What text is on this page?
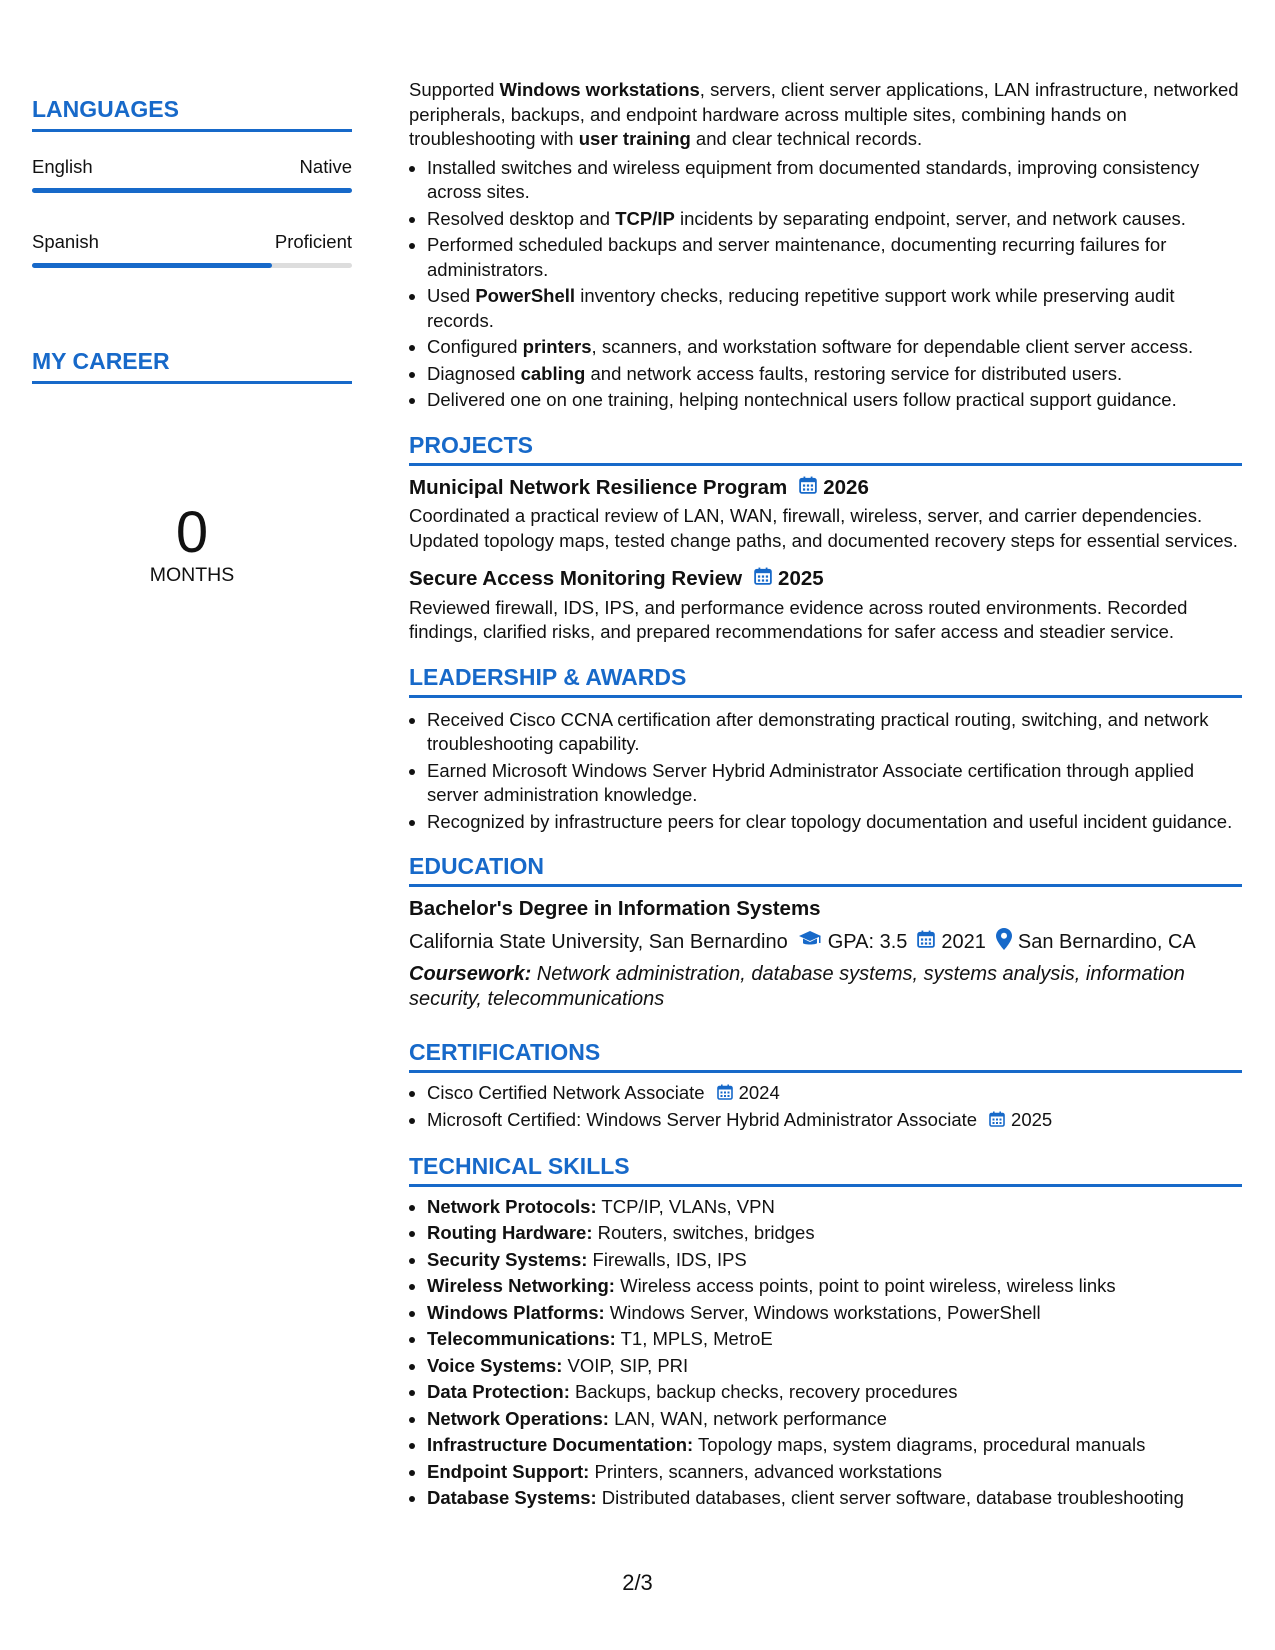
LANGUAGES
English	Native
Spanish	Proficient
MY CAREER
0
MONTHS
Supported Windows workstations, servers, client server applications, LAN infrastructure, networked peripherals, backups, and endpoint hardware across multiple sites, combining hands on troubleshooting with user training and clear technical records.
• Installed switches and wireless equipment from documented standards, improving consistency across sites.
• Resolved desktop and TCP/IP incidents by separating endpoint, server, and network causes.
• Performed scheduled backups and server maintenance, documenting recurring failures for administrators.
• Used PowerShell inventory checks, reducing repetitive support work while preserving audit records.
• Configured printers, scanners, and workstation software for dependable client server access.
• Diagnosed cabling and network access faults, restoring service for distributed users.
• Delivered one on one training, helping nontechnical users follow practical support guidance.
PROJECTS
Municipal Network Resilience Program 2026
Coordinated a practical review of LAN, WAN, firewall, wireless, server, and carrier dependencies. Updated topology maps, tested change paths, and documented recovery steps for essential services.
Secure Access Monitoring Review 2025
Reviewed firewall, IDS, IPS, and performance evidence across routed environments. Recorded findings, clarified risks, and prepared recommendations for safer access and steadier service.
LEADERSHIP & AWARDS
• Received Cisco CCNA certification after demonstrating practical routing, switching, and network troubleshooting capability.
• Earned Microsoft Windows Server Hybrid Administrator Associate certification through applied server administration knowledge.
• Recognized by infrastructure peers for clear topology documentation and useful incident guidance.
EDUCATION
Bachelor's Degree in Information Systems
California State University, San Bernardino GPA: 3.5 2021 San Bernardino, CA
Coursework: Network administration, database systems, systems analysis, information security, telecommunications
CERTIFICATIONS
• Cisco Certified Network Associate 2024
• Microsoft Certified: Windows Server Hybrid Administrator Associate 2025
TECHNICAL SKILLS
• Network Protocols: TCP/IP, VLANs, VPN
• Routing Hardware: Routers, switches, bridges
• Security Systems: Firewalls, IDS, IPS
• Wireless Networking: Wireless access points, point to point wireless, wireless links
• Windows Platforms: Windows Server, Windows workstations, PowerShell
• Telecommunications: T1, MPLS, MetroE
• Voice Systems: VOIP, SIP, PRI
• Data Protection: Backups, backup checks, recovery procedures
• Network Operations: LAN, WAN, network performance
• Infrastructure Documentation: Topology maps, system diagrams, procedural manuals
• Endpoint Support: Printers, scanners, advanced workstations
• Database Systems: Distributed databases, client server software, database troubleshooting
2/3
